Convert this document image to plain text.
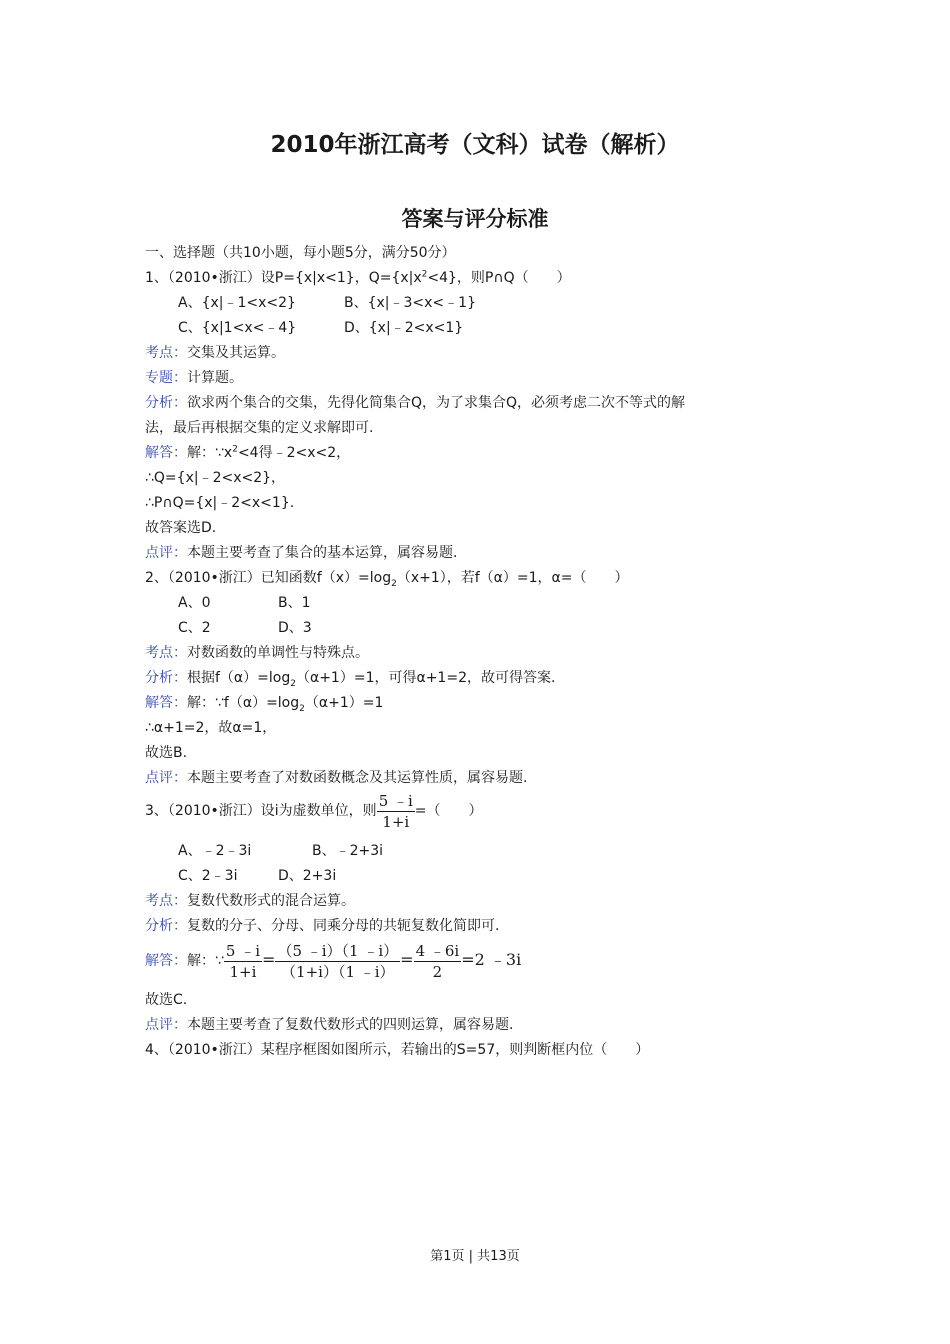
2010年浙江高考（文科）试卷（解析）
答案与评分标准
一、选择题（共10小题，每小题5分，满分50分）
1、（2010•浙江）设P={x|x<1}，$Q=\{x|x^2<4\}$，则P∩Q（　　）
A、{x|﹣1<x<2}	B、{x|﹣3<x<﹣1}
C、{x|1<x<﹣4}	D、{x|﹣2<x<1}
考点：交集及其运算。
专题：计算题。
分析：欲求两个集合的交集，先得化简集合Q，为了求集合Q，必须考虑二次不等式的解
法，最后再根据交集的定义求解即可.
解答：解：$\because x^2<4$得﹣2<x<2，
∴Q={x|﹣2<x<2}，
∴P∩Q={x|﹣2<x<1}.
故答案选D.
点评：本题主要考查了集合的基本运算，属容易题.
2、（2010•浙江）已知函数$f(x)=\log_2(x+1)$，若f（α）=1，α=（　　）
A、0	B、1
C、2	D、3
考点：对数函数的单调性与特殊点。
分析：根据$f(\alpha)=\log_2(\alpha+1)=1$，可得α+1=2，故可得答案.
解答：解：$\because f(\alpha)=\log_2(\alpha+1)=1$
∴α+1=2，故α=1，
故选B.
点评：本题主要考查了对数函数概念及其运算性质，属容易题.
3、（2010•浙江）设i为虚数单位，则 $\frac{5 ﹣i}{1+i}$ =（　　）
A、﹣2﹣3i	B、﹣2+3i
C、2﹣3i	D、2+3i
考点：复数代数形式的混合运算。
分析：复数的分子、分母、同乘分母的共轭复数化简即可.
解答：解：∵ $\frac{5 ﹣i}{1+i} = \frac{(5 ﹣i)(1 ﹣i)}{(1+i)(1 ﹣i)} = \frac{4 ﹣6i}{2} =2$ ﹣3i
故选C.
点评：本题主要考查了复数代数形式的四则运算，属容易题.
4、（2010•浙江）某程序框图如图所示，若输出的S=57，则判断框内位（　　）
第1页 | 共13页
